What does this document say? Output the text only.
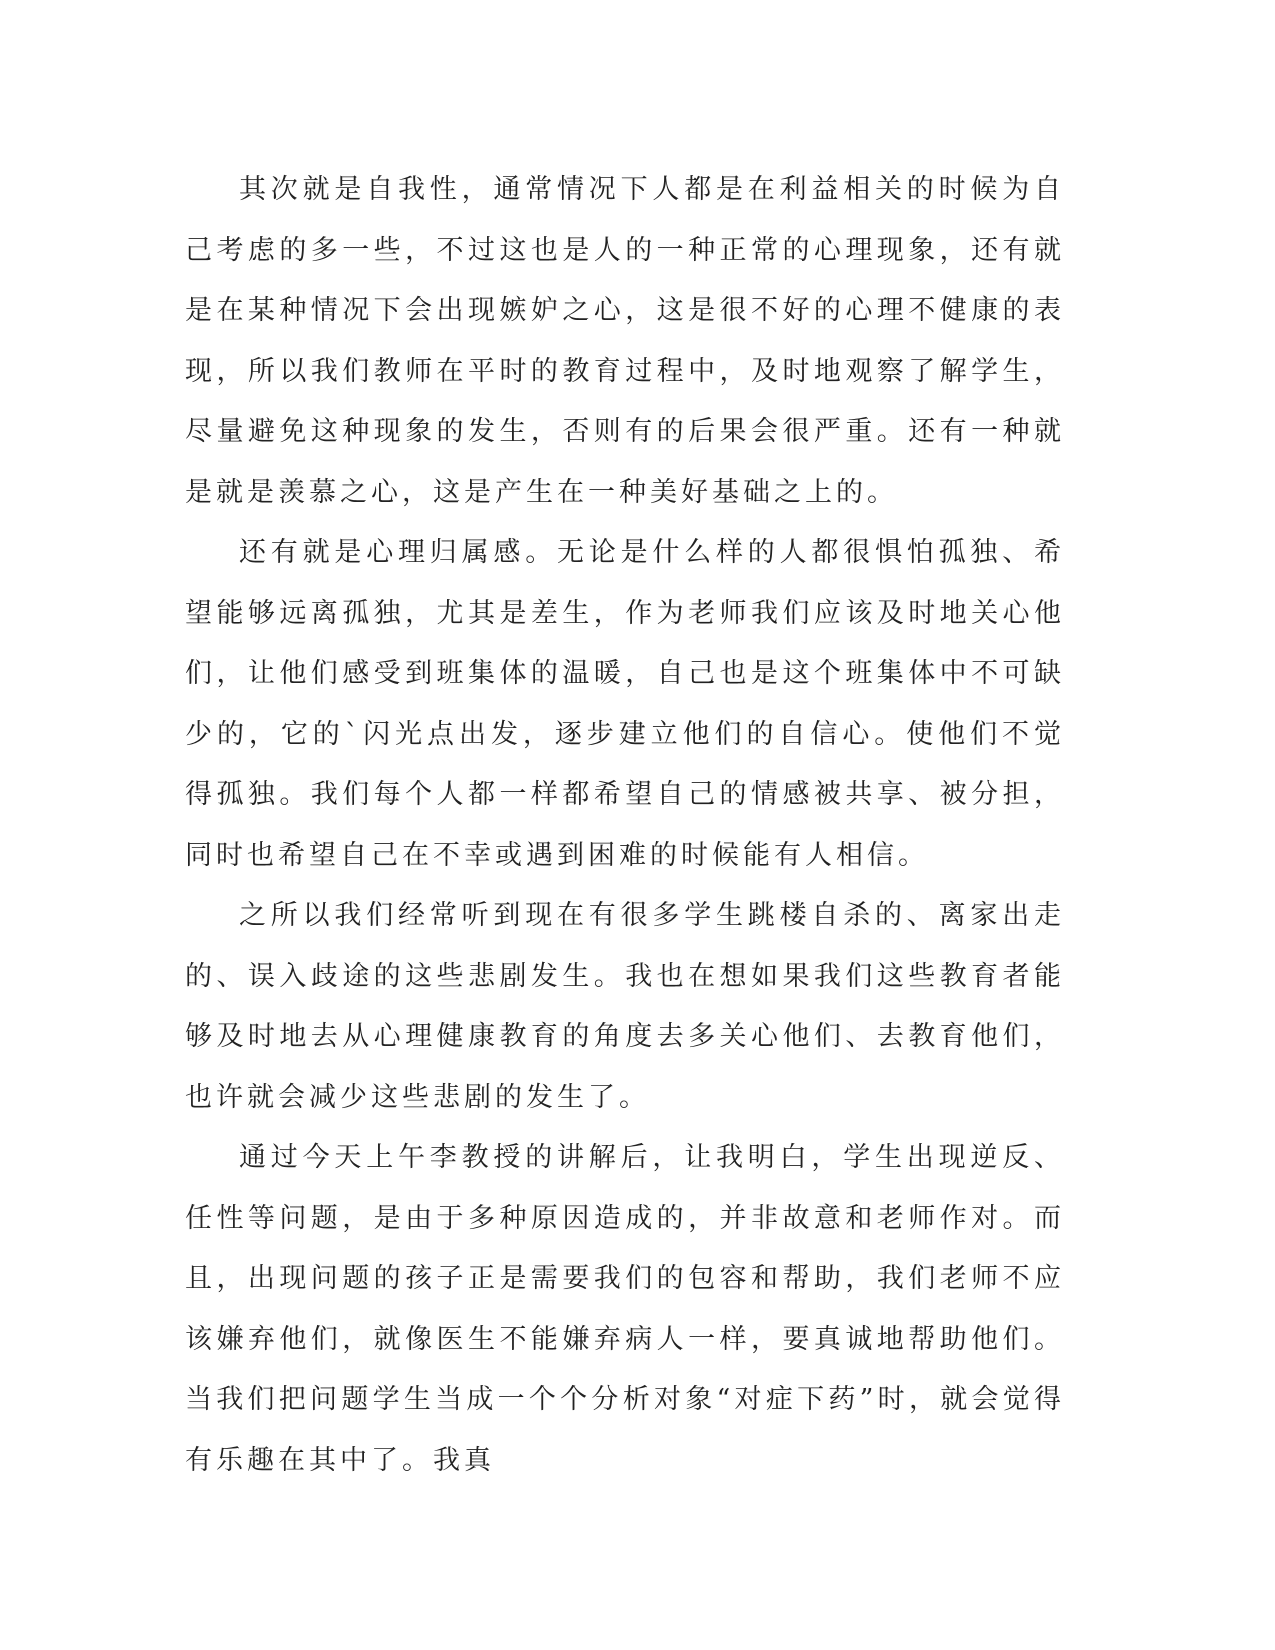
其次就是自我性，通常情况下人都是在利益相关的时候为自己考虑的多一些，不过这也是人的一种正常的心理现象，还有就是在某种情况下会出现嫉妒之心，这是很不好的心理不健康的表现，所以我们教师在平时的教育过程中，及时地观察了解学生，尽量避免这种现象的发生，否则有的后果会很严重。还有一种就是就是羡慕之心，这是产生在一种美好基础之上的。

还有就是心理归属感。无论是什么样的人都很惧怕孤独、希望能够远离孤独，尤其是差生，作为老师我们应该及时地关心他们，让他们感受到班集体的温暖，自己也是这个班集体中不可缺少的，它的`闪光点出发，逐步建立他们的自信心。使他们不觉得孤独。我们每个人都一样都希望自己的情感被共享、被分担，同时也希望自己在不幸或遇到困难的时候能有人相信。

之所以我们经常听到现在有很多学生跳楼自杀的、离家出走的、误入歧途的这些悲剧发生。我也在想如果我们这些教育者能够及时地去从心理健康教育的角度去多关心他们、去教育他们，也许就会减少这些悲剧的发生了。

通过今天上午李教授的讲解后，让我明白，学生出现逆反、任性等问题，是由于多种原因造成的，并非故意和老师作对。而且，出现问题的孩子正是需要我们的包容和帮助，我们老师不应该嫌弃他们，就像医生不能嫌弃病人一样，要真诚地帮助他们。当我们把问题学生当成一个个分析对象“对症下药”时，就会觉得有乐趣在其中了。我真
